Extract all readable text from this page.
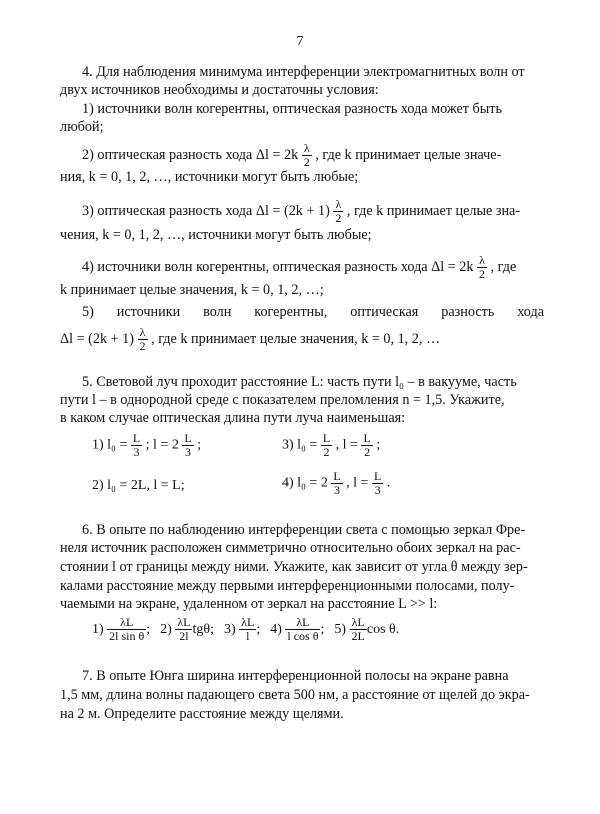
7
4. Для наблюдения минимума интерференции электромагнитных волн от
двух источников необходимы и достаточны условия:
1) источники волн когерентны, оптическая разность хода может быть
любой;
2) оптическая разность хода $\Delta l = 2k \frac{\lambda}{2}$ , где k принимает целые значе-
ния, k = 0, 1, 2, …, источники могут быть любые;
3) оптическая разность хода $\Delta l = (2k + 1) \frac{\lambda}{2}$ , где k принимает целые зна-
чения, k = 0, 1, 2, …, источники могут быть любые;
4) источники волн когерентны, оптическая разность хода $\Delta l = 2k \frac{\lambda}{2}$ , где
k принимает целые значения, k = 0, 1, 2, …;
5) источники волн когерентны, оптическая разность хода
$\Delta l = (2k + 1) \frac{\lambda}{2}$ , где k принимает целые значения, k = 0, 1, 2, …
5. Световой луч проходит расстояние L: часть пути l₀ – в вакууме, часть
пути l – в однородной среде с показателем преломления n = 1,5. Укажите,
в каком случае оптическая длина пути луча наименьшая:
1) $l_0 = \frac{L}{3}$ ; $l = 2 \frac{L}{3}$ ;	3) $l_0 = \frac{L}{2}$ , $l = \frac{L}{2}$ ;
2) l₀ = 2L, l = L;	4) $l_0 = 2 \frac{L}{3}$ , $l = \frac{L}{3}$ .
6. В опыте по наблюдению интерференции света с помощью зеркал Фре-
неля источник расположен симметрично относительно обоих зеркал на рас-
стоянии l от границы между ними. Укажите, как зависит от угла θ между зер-
калами расстояние между первыми интерференционными полосами, полу-
чаемыми на экране, удаленном от зеркал на расстояние L >> l:
$1) \frac{\lambda L}{\text{2l sin θ}}$ ; $2) \frac{\lambda L}{2l} tg\theta$; $3) \frac{\lambda L}{l}$ ; $4) \frac{\lambda L}{\text{l cos θ}}$ ; $5) \frac{\lambda L}{2L}$ cos θ.
7. В опыте Юнга ширина интерференционной полосы на экране равна
1,5 мм, длина волны падающего света 500 нм, а расстояние от щелей до экра-
на 2 м. Определите расстояние между щелями.
